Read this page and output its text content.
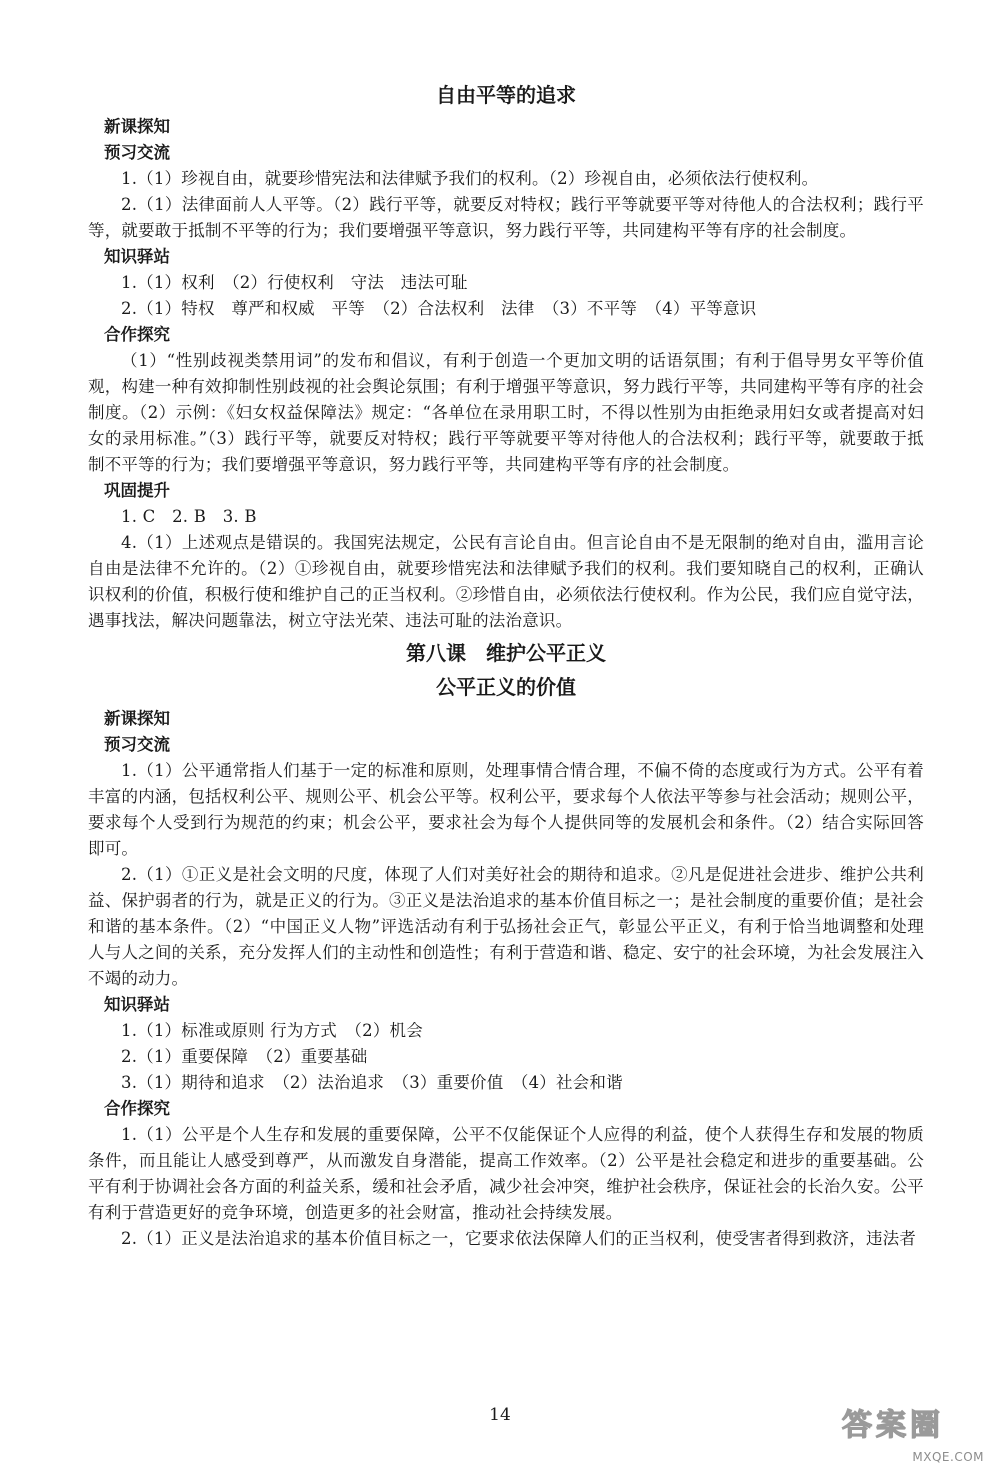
自由平等的追求
新课探知
预习交流

1.（1）珍视自由，就要珍惜宪法和法律赋予我们的权利。（2）珍视自由，必须依法行使权利。

2.（1）法律面前人人平等。（2）践行平等，就要反对特权；践行平等就要平等对待他人的合法权利；践行平等，就要敢于抵制不平等的行为；我们要增强平等意识，努力践行平等，共同建构平等有序的社会制度。

知识驿站

1.（1）权利　（2）行使权利　守法　违法可耻

2.（1）特权　尊严和权威　平等　（2）合法权利　法律　（3）不平等　（4）平等意识

合作探究

（1）“性别歧视类禁用词”的发布和倡议，有利于创造一个更加文明的话语氛围；有利于倡导男女平等价值观，构建一种有效抑制性别歧视的社会舆论氛围；有利于增强平等意识，努力践行平等，共同建构平等有序的社会制度。（2）示例：《妇女权益保障法》规定：“各单位在录用职工时，不得以性别为由拒绝录用妇女或者提高对妇女的录用标准。”（3）践行平等，就要反对特权；践行平等就要平等对待他人的合法权利；践行平等，就要敢于抵制不平等的行为；我们要增强平等意识，努力践行平等，共同建构平等有序的社会制度。

巩固提升

1. C　2. B　3. B

4.（1）上述观点是错误的。我国宪法规定，公民有言论自由。但言论自由不是无限制的绝对自由，滥用言论自由是法律不允许的。（2）①珍视自由，就要珍惜宪法和法律赋予我们的权利。我们要知晓自己的权利，正确认识权利的价值，积极行使和维护自己的正当权利。②珍惜自由，必须依法行使权利。作为公民，我们应自觉守法，遇事找法，解决问题靠法，树立守法光荣、违法可耻的法治意识。

第八课　维护公平正义
公平正义的价值
新课探知
预习交流

1.（1）公平通常指人们基于一定的标准和原则，处理事情合情合理，不偏不倚的态度或行为方式。公平有着丰富的内涵，包括权利公平、规则公平、机会公平等。权利公平，要求每个人依法平等参与社会活动；规则公平，要求每个人受到行为规范的约束；机会公平，要求社会为每个人提供同等的发展机会和条件。（2）结合实际回答即可。

2.（1）①正义是社会文明的尺度，体现了人们对美好社会的期待和追求。②凡是促进社会进步、维护公共利益、保护弱者的行为，就是正义的行为。③正义是法治追求的基本价值目标之一；是社会制度的重要价值；是社会和谐的基本条件。（2）“中国正义人物”评选活动有利于弘扬社会正气，彰显公平正义，有利于恰当地调整和处理人与人之间的关系，充分发挥人们的主动性和创造性；有利于营造和谐、稳定、安宁的社会环境，为社会发展注入不竭的动力。

知识驿站

1.（1）标准或原则 行为方式　（2）机会

2.（1）重要保障　（2）重要基础

3.（1）期待和追求　（2）法治追求　（3）重要价值　（4）社会和谐

合作探究

1.（1）公平是个人生存和发展的重要保障，公平不仅能保证个人应得的利益，使个人获得生存和发展的物质条件，而且能让人感受到尊严，从而激发自身潜能，提高工作效率。（2）公平是社会稳定和进步的重要基础。公平有利于协调社会各方面的利益关系，缓和社会矛盾，减少社会冲突，维护社会秩序，保证社会的长治久安。公平有利于营造更好的竞争环境，创造更多的社会财富，推动社会持续发展。

2.（1）正义是法治追求的基本价值目标之一，它要求依法保障人们的正当权利，使受害者得到救济，违法者

14	答案圈
MXQE.COM
